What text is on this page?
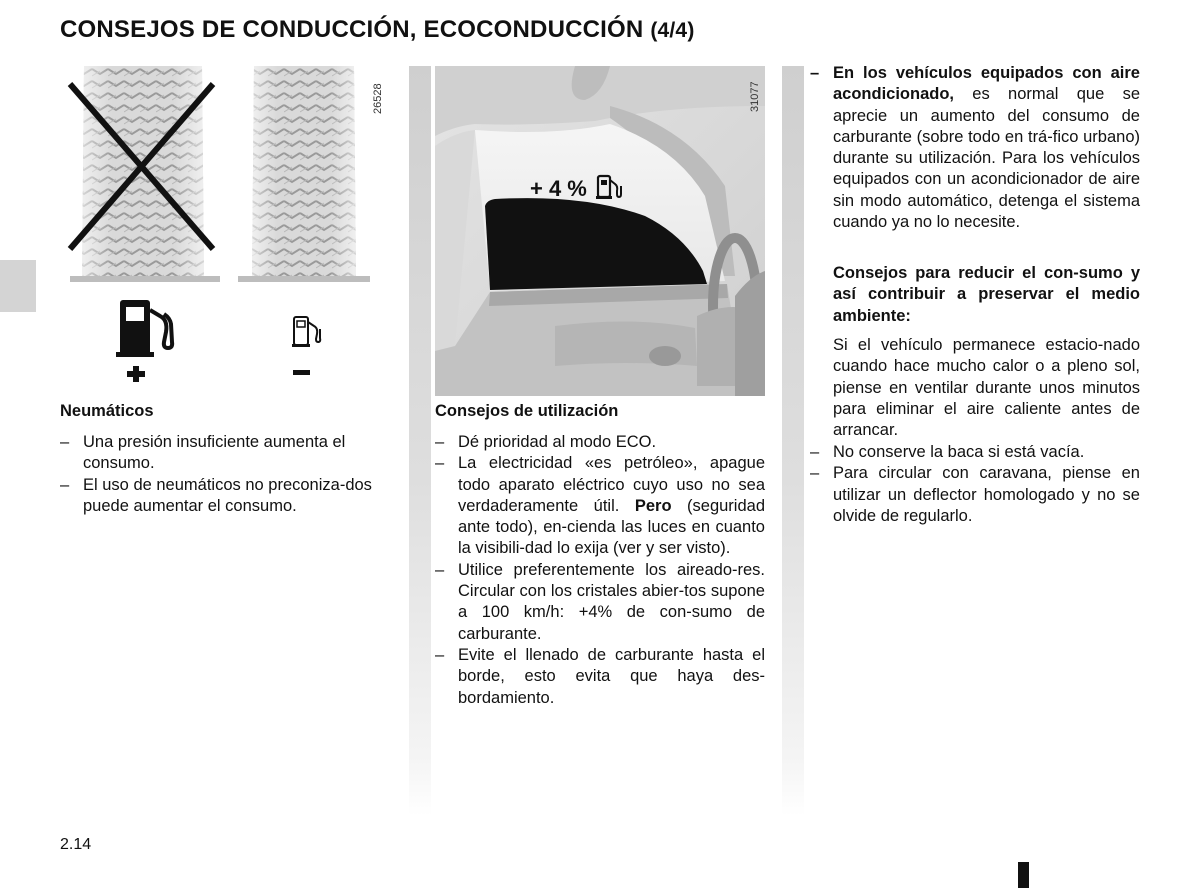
CONSEJOS DE CONDUCCIÓN, ECOCONDUCCIÓN (4/4)
26528
+ 4 %
31077
Neumáticos
– Una presión insuficiente aumenta el consumo.
– El uso de neumáticos no preconiza-dos puede aumentar el consumo.
Consejos de utilización
– Dé prioridad al modo ECO.
– La electricidad «es petróleo», apague todo aparato eléctrico cuyo uso no sea verdaderamente útil. Pero (seguridad ante todo), en-cienda las luces en cuanto la visibili-dad lo exija (ver y ser visto).
– Utilice preferentemente los aireado-res. Circular con los cristales abier-tos supone a 100 km/h: +4% de con-sumo de carburante.
– Evite el llenado de carburante hasta el borde, esto evita que haya des-bordamiento.
– En los vehículos equipados con aire acondicionado, es normal que se aprecie un aumento del consumo de carburante (sobre todo en trá-fico urbano) durante su utilización. Para los vehículos equipados con un acondicionador de aire sin modo automático, detenga el sistema cuando ya no lo necesite.
Consejos para reducir el con-sumo y así contribuir a preservar el medio ambiente:
Si el vehículo permanece estacio-nado cuando hace mucho calor o a pleno sol, piense en ventilar durante unos minutos para eliminar el aire caliente antes de arrancar.
– No conserve la baca si está vacía.
– Para circular con caravana, piense en utilizar un deflector homologado y no se olvide de regularlo.
2.14
